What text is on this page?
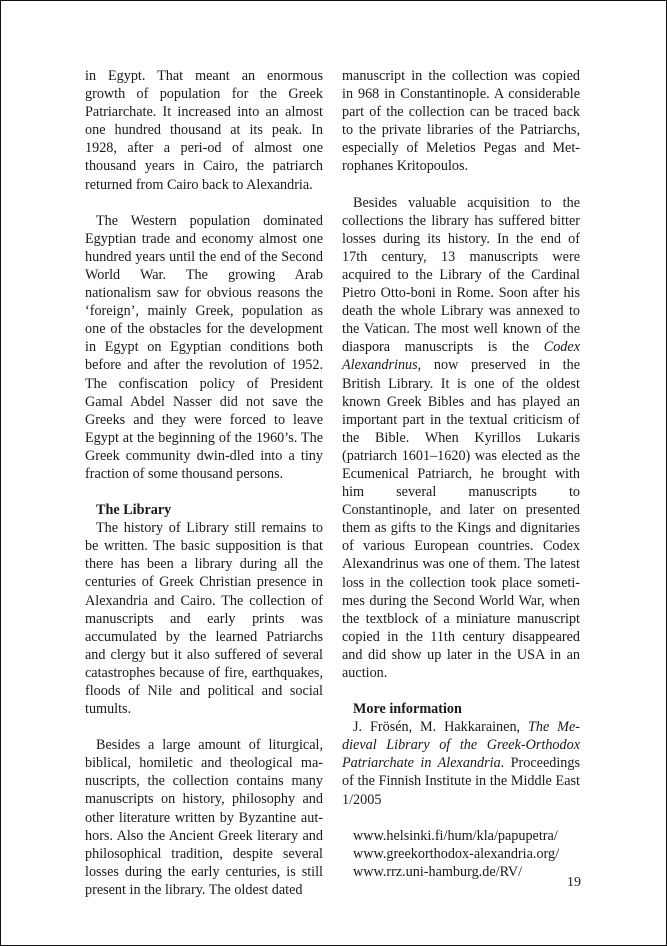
in Egypt. That meant an enormous growth of population for the Greek Patriarchate. It increased into an almost one hundred thousand at its peak. In 1928, after a peri-od of almost one thousand years in Cairo, the patriarch returned from Cairo back to Alexandria.

The Western population dominated Egyptian trade and economy almost one hundred years until the end of the Second World War. The growing Arab nationalism saw for obvious reasons the ‘foreign’, mainly Greek, population as one of the obstacles for the development in Egypt on Egyptian conditions both before and after the revolution of 1952. The confiscation policy of President Gamal Abdel Nasser did not save the Greeks and they were forced to leave Egypt at the beginning of the 1960’s. The Greek community dwin-dled into a tiny fraction of some thousand persons.

The Library

The history of Library still remains to be written. The basic supposition is that there has been a library during all the centuries of Greek Christian presence in Alexandria and Cairo. The collection of manuscripts and early prints was accumulated by the learned Patriarchs and clergy but it also suffered of several catastrophes because of fire, earthquakes, floods of Nile and political and social tumults.

Besides a large amount of liturgical, biblical, homiletic and theological ma-nuscripts, the collection contains many manuscripts on history, philosophy and other literature written by Byzantine aut-hors. Also the Ancient Greek literary and philosophical tradition, despite several losses during the early centuries, is still present in the library. The oldest dated

manuscript in the collection was copied in 968 in Constantinople. A considerable part of the collection can be traced back to the private libraries of the Patriarchs, especially of Meletios Pegas and Met-rophanes Kritopoulos.

Besides valuable acquisition to the collections the library has suffered bitter losses during its history. In the end of 17th century, 13 manuscripts were acquired to the Library of the Cardinal Pietro Otto-boni in Rome. Soon after his death the whole Library was annexed to the Vatican. The most well known of the diaspora manuscripts is the Codex Alexandrinus, now preserved in the British Library. It is one of the oldest known Greek Bibles and has played an important part in the textual criticism of the Bible. When Kyrillos Lukaris (patriarch 1601–1620) was elected as the Ecumenical Patriarch, he brought with him several manuscripts to Constantinople, and later on presented them as gifts to the Kings and dignitaries of various European countries. Codex Alexandrinus was one of them. The latest loss in the collection took place someti-mes during the Second World War, when the textblock of a miniature manuscript copied in the 11th century disappeared and did show up later in the USA in an auction.

More information

J. Frösén, M. Hakkarainen, The Me-dieval Library of the Greek-Orthodox Patriarchate in Alexandria. Proceedings of the Finnish Institute in the Middle East 1/2005

www.helsinki.fi/hum/kla/papupetra/
www.greekorthodox-alexandria.org/
www.rrz.uni-hamburg.de/RV/
19
